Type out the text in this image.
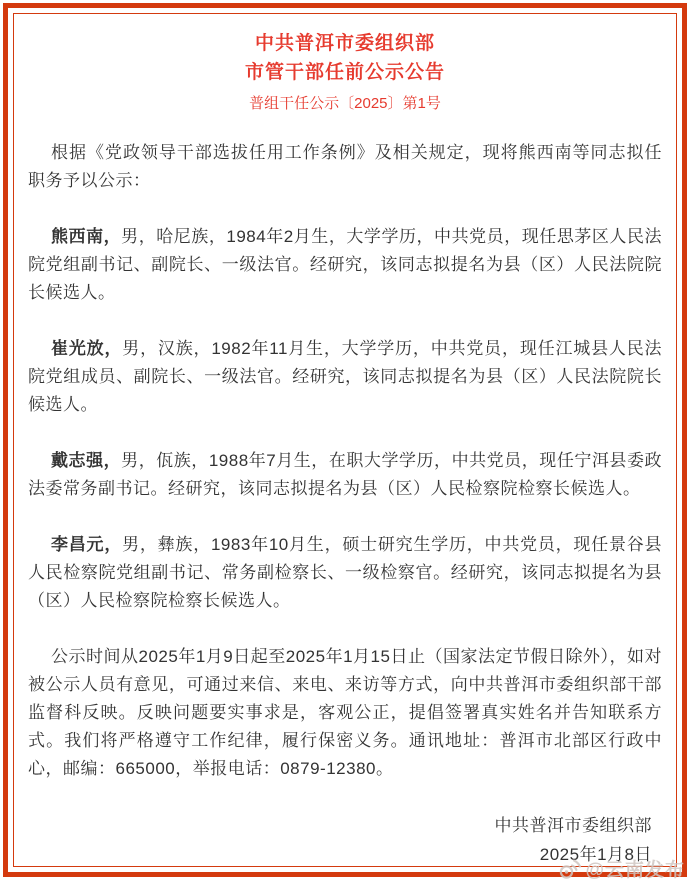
中共普洱市委组织部
市管干部任前公示公告
普组干任公示〔2025〕第1号

根据《党政领导干部选拔任用工作条例》及相关规定，现将熊西南等同志拟任职务予以公示：

熊西南，男，哈尼族，1984年2月生，大学学历，中共党员，现任思茅区人民法院党组副书记、副院长、一级法官。经研究，该同志拟提名为县（区）人民法院院长候选人。

崔光放，男，汉族，1982年11月生，大学学历，中共党员，现任江城县人民法院党组成员、副院长、一级法官。经研究，该同志拟提名为县（区）人民法院院长候选人。

戴志强，男，佤族，1988年7月生，在职大学学历，中共党员，现任宁洱县委政法委常务副书记。经研究，该同志拟提名为县（区）人民检察院检察长候选人。

李昌元，男，彝族，1983年10月生，硕士研究生学历，中共党员，现任景谷县人民检察院党组副书记、常务副检察长、一级检察官。经研究，该同志拟提名为县（区）人民检察院检察长候选人。

公示时间从2025年1月9日起至2025年1月15日止（国家法定节假日除外），如对被公示人员有意见，可通过来信、来电、来访等方式，向中共普洱市委组织部干部监督科反映。反映问题要实事求是，客观公正，提倡签署真实姓名并告知联系方式。我们将严格遵守工作纪律，履行保密义务。通讯地址：普洱市北部区行政中心，邮编：665000，举报电话：0879-12380。

中共普洱市委组织部
2025年1月8日
@云南发布
